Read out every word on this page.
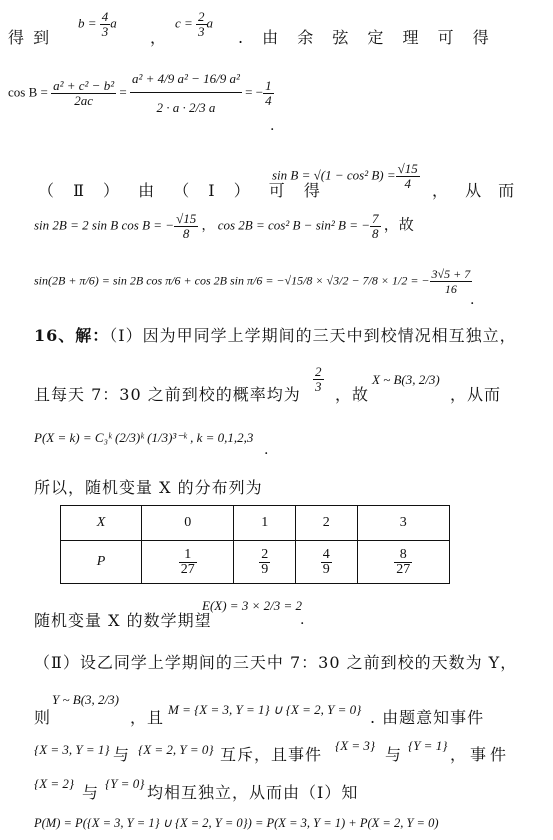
得 到
$b = \frac{4}{3}$ a
，
$c = \frac{2}{3}$ a
. 由 余 弦 定 理 可 得
$\cos B = \frac{\text{a² + c² − b²}}{2ac} = \frac{\text{a² + 4/9 a² − 16/9 a²}}{2 \cdot a \cdot 2/3 a}$ = − $\frac{1}{4}$
.
（ Ⅱ ） 由 （ Ⅰ ） 可 得
sin B = √(1 − cos² $B) = \frac{√15}{4}$ ， 从 而
sin 2B = 2 sin B cos B = − $\frac{√15}{8}$ ， cos 2B = cos² B − sin² B = − $\frac{7}{8}$ ，故
sin(2B + π/6) = sin 2B cos π/6 + cos 2B sin π/6 = −√15/8 × √3/2 − 7/8 × 1/2 = − $\frac{3√5 + 7}{16}$
.
16、解：（Ⅰ）因为甲同学上学期间的三天中到校情况相互独立，
且每天 7：30 之前到校的概率均为
$\frac{2}{3}$
，故
X ~ B(3, 2/3)
，从而
P(X = k) = C₃ᵏ (2/3)ᵏ (1/3)³⁻ᵏ , k = 0,1,2,3
.
所以，随机变量 X 的分布列为
X	0	1	2	3
P	$\frac{1}{27}$	$\frac{2}{9}$	$\frac{4}{9}$	$\frac{8}{27}$
随机变量 X 的数学期望
E(X) = 3 × 2/3 = 2
.
（Ⅱ）设乙同学上学期间的三天中 7：30 之前到校的天数为 Y，
则
Y ~ B(3, 2/3)
，且 M = {X = 3, Y = 1} ∪ {X = 2, Y = 0} . 由题意知事件
{X = 3, Y = 1} 与 {X = 2, Y = 0} 互斥，且事件 {X = 3} 与 {Y = 1} ，事件
{X = 2} 与 {Y = 0} 均相互独立，从而由（Ⅰ）知
P(M) = P({X = 3, Y = 1} ∪ {X = 2, Y = 0}) = P(X = 3, Y = 1) + P(X = 2, Y = 0)
